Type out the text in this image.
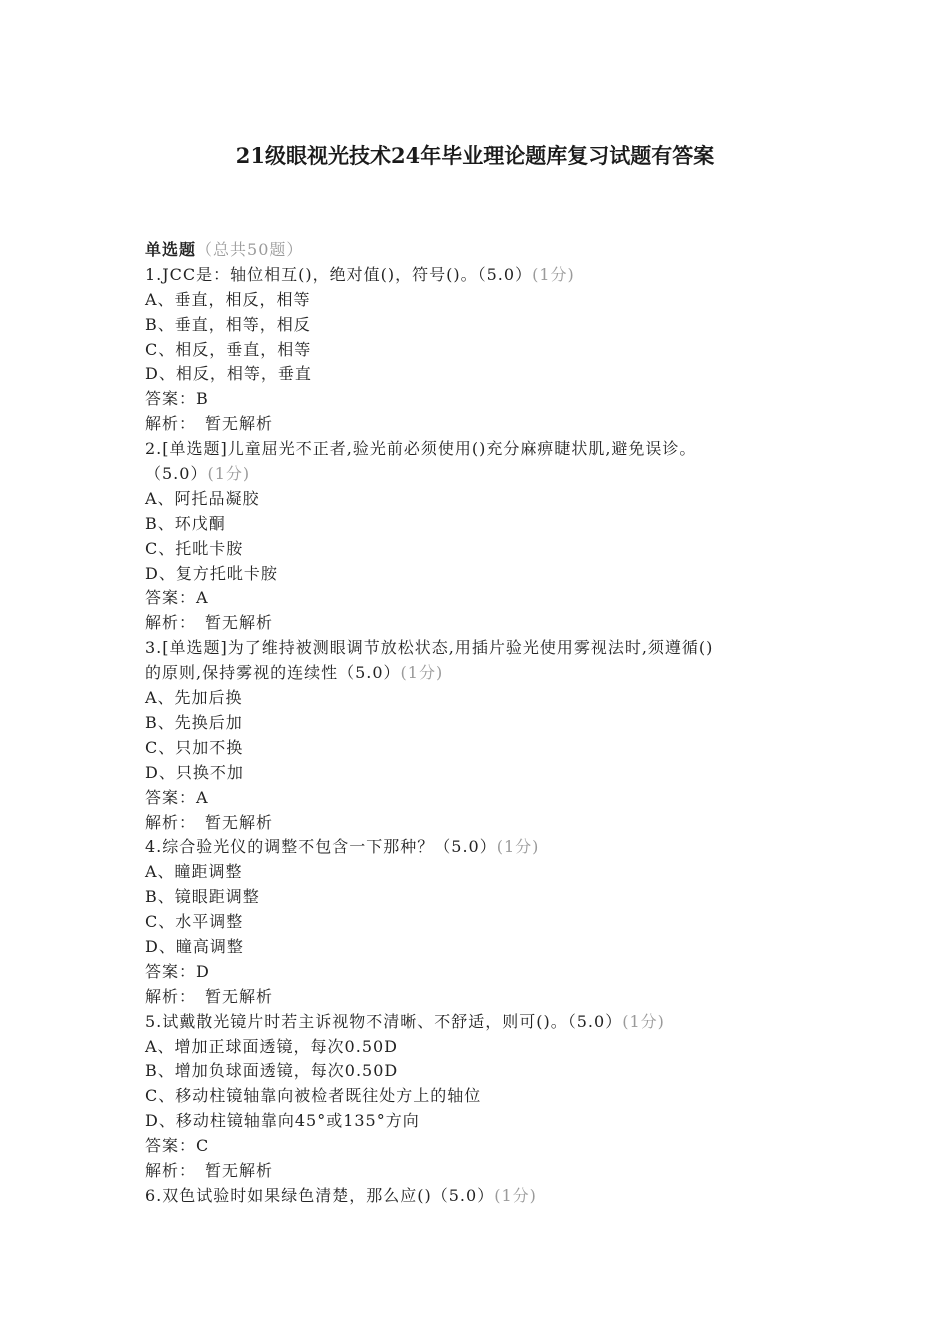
21级眼视光技术24年毕业理论题库复习试题有答案
单选题（总共50题）
1.JCC是：轴位相互()，绝对值()，符号()。（5.0）(1分)
A、垂直，相反，相等
B、垂直，相等，相反
C、相反，垂直，相等
D、相反，相等，垂直
答案：B
解析：　暂无解析
2.[单选题]儿童屈光不正者,验光前必须使用()充分麻痹睫状肌,避免误诊。
（5.0）(1分)
A、阿托品凝胶
B、环戊酮
C、托吡卡胺
D、复方托吡卡胺
答案：A
解析：　暂无解析
3.[单选题]为了维持被测眼调节放松状态,用插片验光使用雾视法时,须遵循()
的原则,保持雾视的连续性（5.0）(1分)
A、先加后换
B、先换后加
C、只加不换
D、只换不加
答案：A
解析：　暂无解析
4.综合验光仪的调整不包含一下那种？（5.0）(1分)
A、瞳距调整
B、镜眼距调整
C、水平调整
D、瞳高调整
答案：D
解析：　暂无解析
5.试戴散光镜片时若主诉视物不清晰、不舒适，则可()。（5.0）(1分)
A、增加正球面透镜，每次0.50D
B、增加负球面透镜，每次0.50D
C、移动柱镜轴靠向被检者既往处方上的轴位
D、移动柱镜轴靠向45°或135°方向
答案：C
解析：　暂无解析
6.双色试验时如果绿色清楚，那么应()（5.0）(1分)
